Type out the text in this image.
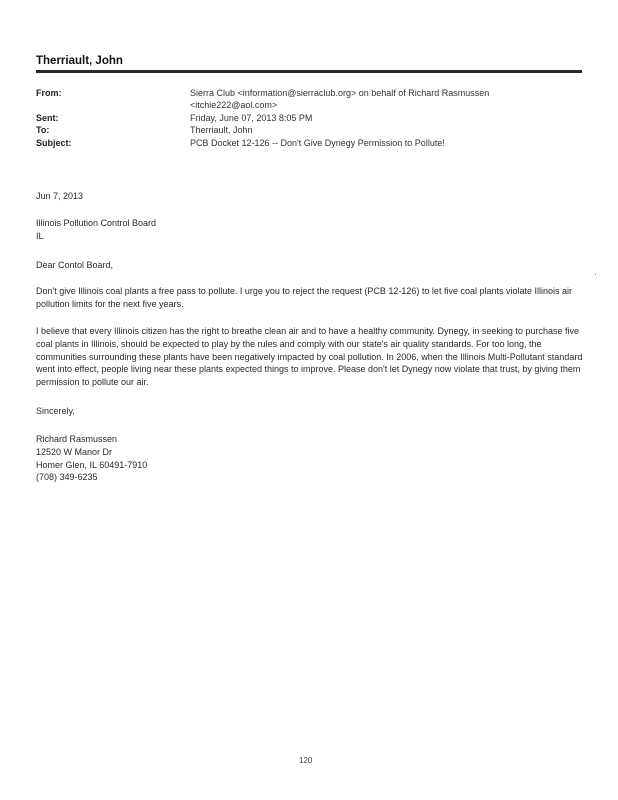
Therriault, John
From:	Sierra Club <information@sierraclub.org> on behalf of Richard Rasmussen <itchie222@aol.com>
Sent:	Friday, June 07, 2013 8:05 PM
To:	Therriault, John
Subject:	PCB Docket 12-126 -- Don't Give Dynegy Permission to Pollute!
Jun 7, 2013
Illinois Pollution Control Board
IL
Dear Contol Board,
Don't give Illinois coal plants a free pass to pollute. I urge you to reject the request (PCB 12-126) to let five coal plants violate Illinois air pollution limits for the next five years.
I believe that every Illinois citizen has the right to breathe clean air and to have a healthy community. Dynegy, in seeking to purchase five coal plants in Illinois, should be expected to play by the rules and comply with our state's air quality standards. For too long, the communities surrounding these plants have been negatively impacted by coal pollution. In 2006, when the Illinois Multi-Pollutant standard went into effect, people living near these plants expected things to improve. Please don't let Dynegy now violate that trust, by giving them permission to pollute our air.
Sincerely,
Richard Rasmussen
12520 W Manor Dr
Homer Glen, IL 60491-7910
(708) 349-6235
120
